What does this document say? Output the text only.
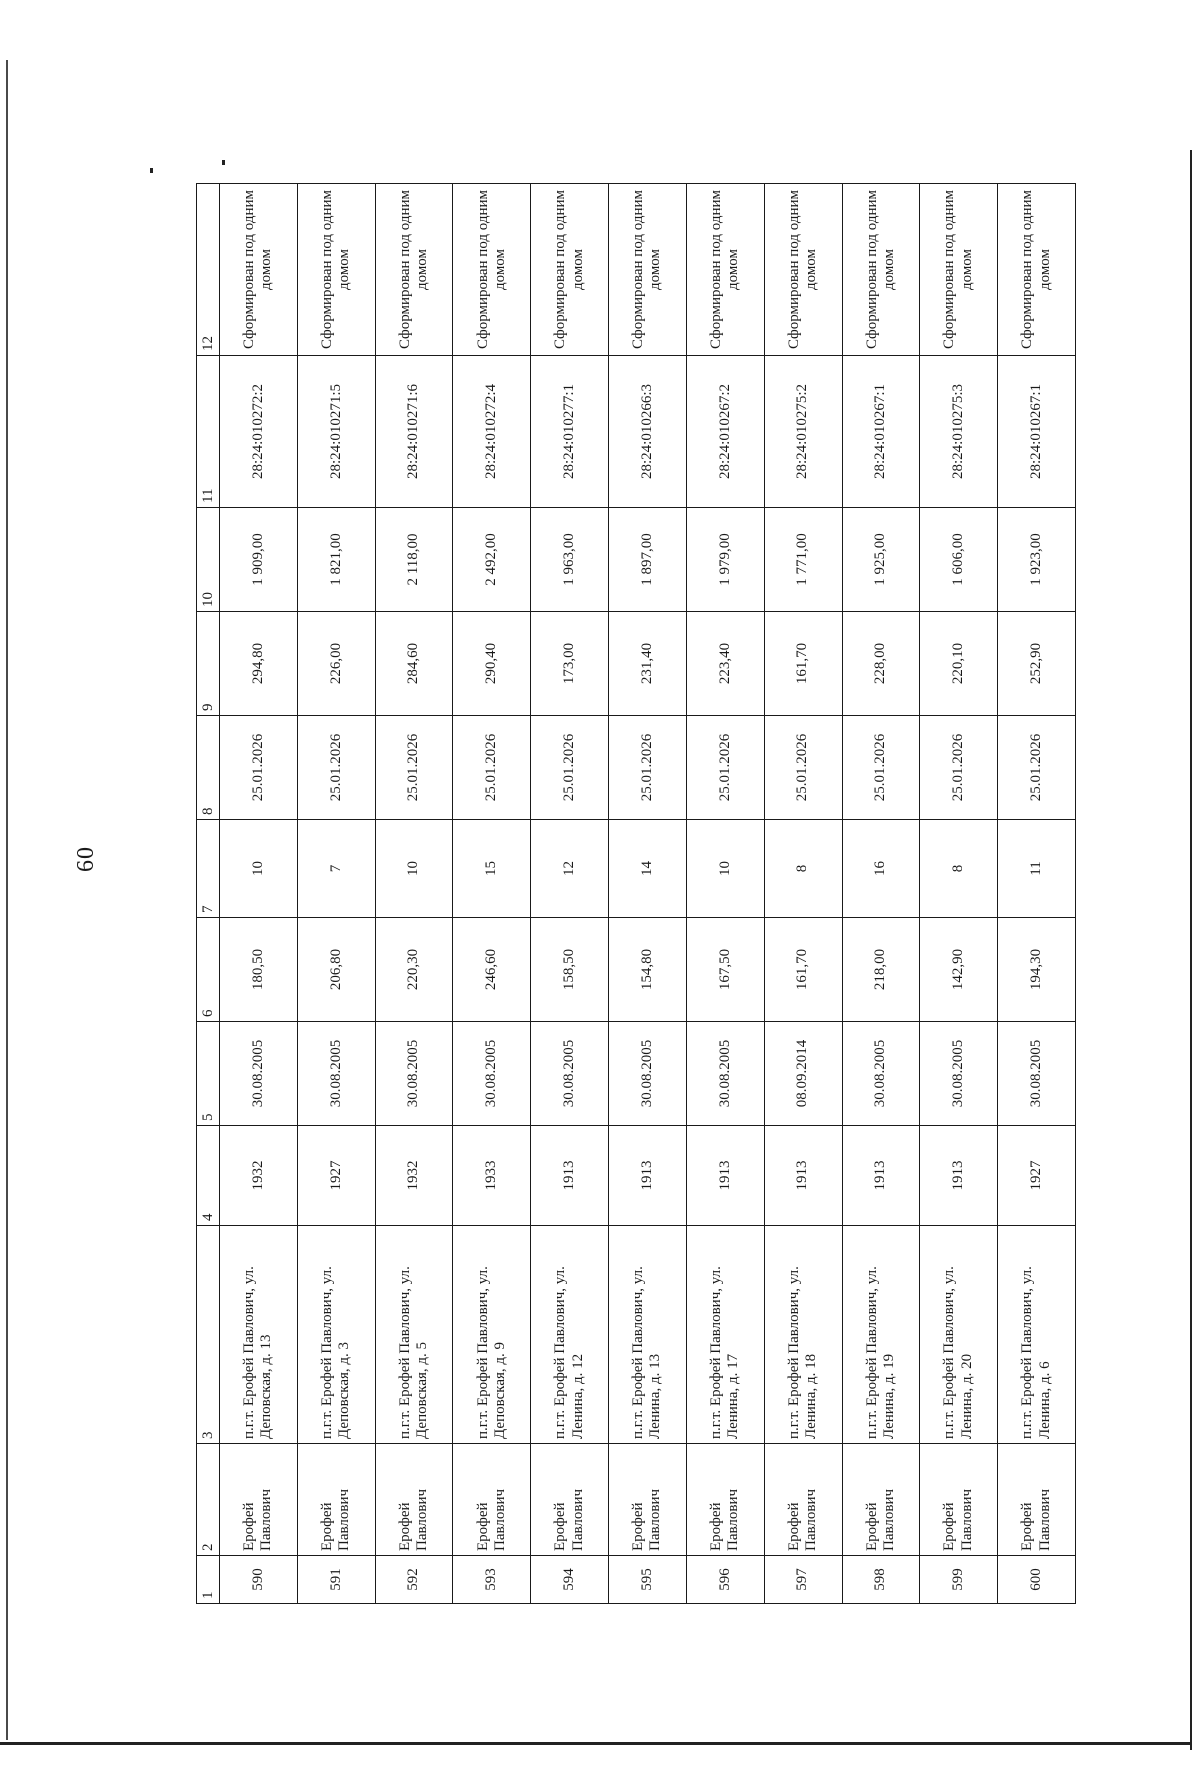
60
1	2	3	4	5	6	7	8	9	10	11	12
590	Ерофей Павлович	п.г.т. Ерофей Павлович, ул. Деповская, д. 13	1932	30.08.2005	180,50	10	25.01.2026	294,80	1 909,00	28:24:010272:2	Сформирован под одним домом
591	Ерофей Павлович	п.г.т. Ерофей Павлович, ул. Деповская, д. 3	1927	30.08.2005	206,80	7	25.01.2026	226,00	1 821,00	28:24:010271:5	Сформирован под одним домом
592	Ерофей Павлович	п.г.т. Ерофей Павлович, ул. Деповская, д. 5	1932	30.08.2005	220,30	10	25.01.2026	284,60	2 118,00	28:24:010271:6	Сформирован под одним домом
593	Ерофей Павлович	п.г.т. Ерофей Павлович, ул. Деповская, д. 9	1933	30.08.2005	246,60	15	25.01.2026	290,40	2 492,00	28:24:010272:4	Сформирован под одним домом
594	Ерофей Павлович	п.г.т. Ерофей Павлович, ул. Ленина, д. 12	1913	30.08.2005	158,50	12	25.01.2026	173,00	1 963,00	28:24:010277:1	Сформирован под одним домом
595	Ерофей Павлович	п.г.т. Ерофей Павлович, ул. Ленина, д. 13	1913	30.08.2005	154,80	14	25.01.2026	231,40	1 897,00	28:24:010266:3	Сформирован под одним домом
596	Ерофей Павлович	п.г.т. Ерофей Павлович, ул. Ленина, д. 17	1913	30.08.2005	167,50	10	25.01.2026	223,40	1 979,00	28:24:010267:2	Сформирован под одним домом
597	Ерофей Павлович	п.г.т. Ерофей Павлович, ул. Ленина, д. 18	1913	08.09.2014	161,70	8	25.01.2026	161,70	1 771,00	28:24:010275:2	Сформирован под одним домом
598	Ерофей Павлович	п.г.т. Ерофей Павлович, ул. Ленина, д. 19	1913	30.08.2005	218,00	16	25.01.2026	228,00	1 925,00	28:24:010267:1	Сформирован под одним домом
599	Ерофей Павлович	п.г.т. Ерофей Павлович, ул. Ленина, д. 20	1913	30.08.2005	142,90	8	25.01.2026	220,10	1 606,00	28:24:010275:3	Сформирован под одним домом
600	Ерофей Павлович	п.г.т. Ерофей Павлович, ул. Ленина, д. 6	1927	30.08.2005	194,30	11	25.01.2026	252,90	1 923,00	28:24:010267:1	Сформирован под одним домом
